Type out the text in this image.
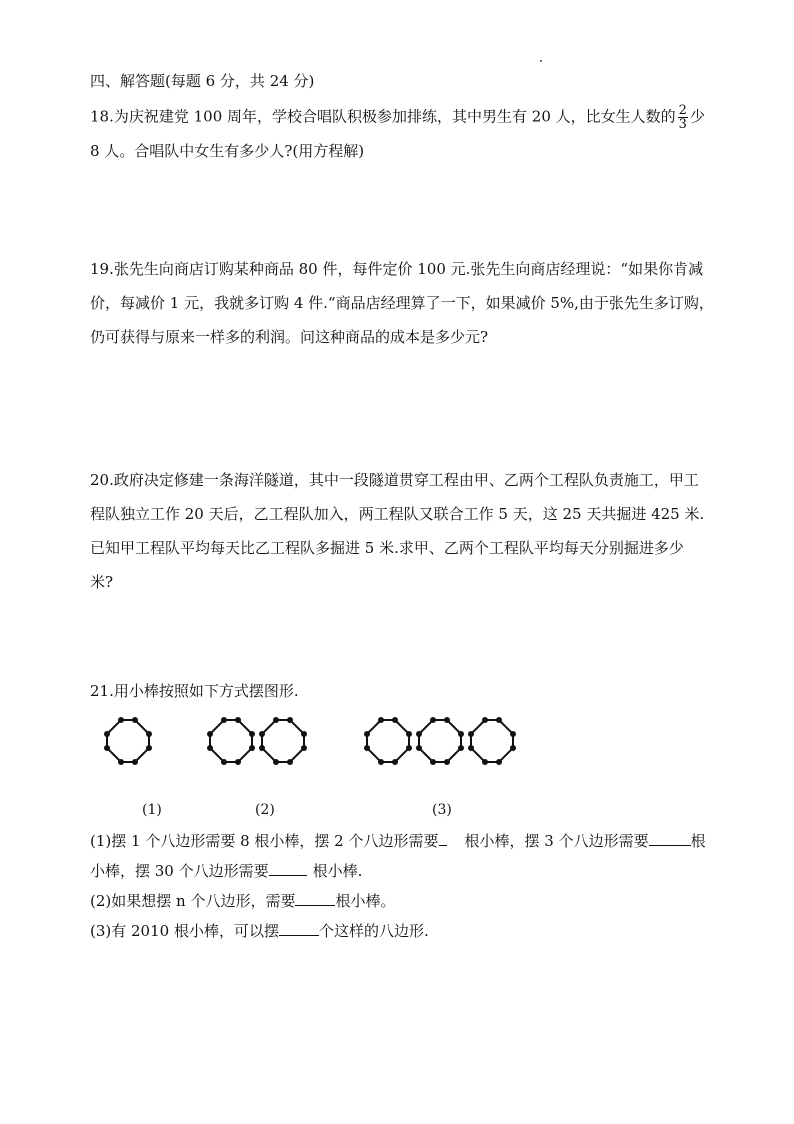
四、解答题(每题 6 分，共 24 分)
18.为庆祝建党 100 周年，学校合唱队积极参加排练，其中男生有 20 人，比女生人数的 $\frac{2}{3}$ 少
8 人。合唱队中女生有多少人?(用方程解)
19.张先生向商店订购某种商品 80 件，每件定价 100 元.张先生向商店经理说：“如果你肯减
价，每减价 1 元，我就多订购 4 件.“商品店经理算了一下，如果减价 5%,由于张先生多订购，
仍可获得与原来一样多的利润。问这种商品的成本是多少元?
20.政府决定修建一条海洋隧道，其中一段隧道贯穿工程由甲、乙两个工程队负责施工，甲工
程队独立工作 20 天后，乙工程队加入，两工程队又联合工作 5 天，这 25 天共掘进 425 米.
已知甲工程队平均每天比乙工程队多掘进 5 米.求甲、乙两个工程队平均每天分别掘进多少
米?
21.用小棒按照如下方式摆图形.
(1)	(2)	(3)
(1)摆 1 个八边形需要 8 根小棒，摆 2 个八边形需要 根小棒，摆 3 个八边形需要	根
小棒，摆 30 个八边形需要	根小棒.
(2)如果想摆 n 个八边形，需要	根小棒。
(3)有 2010 根小棒，可以摆	个这样的八边形.
